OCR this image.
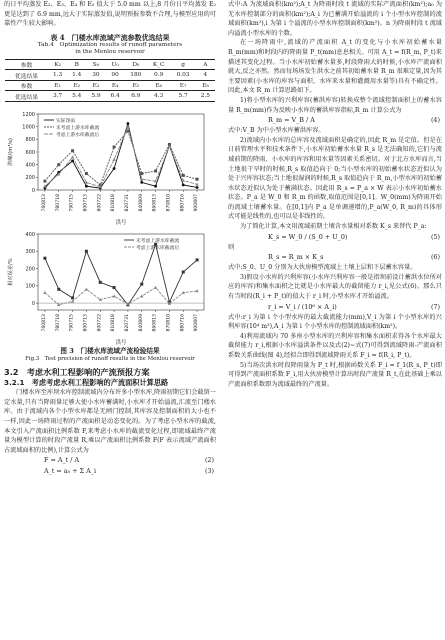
的日平均蒸发 E₂、E₃、E₄ 和 E₅ 值大于 5.0 mm 以上,8 月份日平均蒸发 E₂ 更是达到了 6.9 mm,远大于实际蒸发值,说明预报参数不合理,与模型应用的可靠性产生较大影响。

表 4　门楼水库流域产流参数优选结果

Tab.4　Optimization results of runoff parameters

in the Menlou reservoir

参数	K₂	B	S₀	U₀	D₀	K_C	g	A
优选结果	1.3	1.4	30	90	180	0.9	0.03	4
参数	E₁	E₂	E₃	E₄	E₅	E₆	E₇	E₈
优选结果	3.7	5.4	5.9	6.4	6.9	4.3	5.7	2.5
0
200
400
600
800
1000
1200
760813 780718 790715 800713 800722 810818 820731 840809 860813 870810 880716 900807
洪峰/(m³/s)
洪号
实际净雨
未考虑上游水库截流
考虑上游水库截流后
0
100
200
300
400
760813 780718 790715 800713 800722 810818 820731 840809 860813 870810 880716 900807
相对误差/%
洪号
未考虑上游水库截流
考虑上游水库截流后

图 3　门楼水库流域产流检验结果

Fig.3　Test precision of runoff results in the Menlou reservoir

3.2　考虑水利工程影响的产流预报方案

3.2.1　考虑考虑水利工程影响的产流面积计算思路

门楼水库至库坝水库控制流域内分布许多小型水库,降雨初期它们会截留一定水量,只有当降雨量足够大使小水库蓄满时,小水库才开始溢流,汇流至门楼水库。由于流域内各个小型水库都是无闸门控制,其库容及控制面积的大小也不一样,因此一场降雨过程的产流面积是动态变化的。为了考虑小型水库的截流,本文引入产流面积比例系数 F,来考虑小水库的截流变化过程,即流域最终产流量为模型计算的时段产流量 R,乘以产流面积比例系数 F(F 表示流域产流面积占流域面积的比例),计算公式为

F = A_t / A	(2)
A_t = a₀ + Σ A_i	(3)

式中:A 为流域面积(km²);A_t 为降雨时段 t 流域的实际产流面积(km²);a₀ 为无水库控制部分的面积(km²);A_i 为已蓄满开始溢流的 i 个小型水库控制的流域面积(km²),i 为第 i 个溢流的小型水库控制面积(km²)。n 为降雨时段 t 流域内溢流小型水库的个数。

在一场降雨中,流域的产流面积 A_t 的变化与小水库初始蓄水量 R_m(mm)和时段内的降雨量 P_t(mm)息息相关。可用 A_t = f(R_m, P_t)来描述其变化过程。当小水库初始蓄水量多,时段降雨大的时候,小水库产流面积就大,反之亦然。然而每场场发生洪水之前其初始蓄水量 R_m 很难定量,因为其主要因素(小水库的库容与面积、水库来水量和灌溉用水量等)具有不确定性。因此,本文 R_m 计算思路如下。

1)将小型水库的兴利库容(蓄洪库容)转换成整个流域控制面积上的蓄水容量 R_m(mm)作为反映小水库的蓄洪库容指标,R_m 计算公式为

R_m = V_B / A	(4)

式中:V_B 为中小型水库蓄洪库容。

2)流域内小水库的总库容及流域面积是确定的,因此 R_m 是定值。但是在日前管理水平和技术条件下,小水库初始蓄水水量 R_s 是无法确知的,它们与流域前期的降雨、小水库的库容和用水量等因素关系密切。对于北方水库而言,当土地很干旱时的时候,R_s 取值趋向于 0;当小型水库的初始蓄水状态近似认为处于兴库容状态;当土地很湿润的时候,R_s 取值趋向于 R_m,小型水库的初始蓄水状态近似认为处于蓄满状态。因此用 R_s = P_a × W 表示小水库初始蓄水状态。P_a 是 W_0 和 R_m 的函数,取值范围是[0,1]。W_0(mm)为降雨开始的流域土壤蓄水量。在[0,1]内 P_a 是单调递增的,P_a(W_0, R_m)的具体形式可能是线性的,也可以是非线性的。

为了简化计算,本文用流域前期土壤含水量相对系数 K_s 来替代 P_a:

K_s = W_0 / (S_0 + U_0)	(5)

则

R_s = R_m × K_s	(6)

式中:S_0、U_0 分别为大伙房模型流域上土壤上层和下层蓄水容量。

3)假设小水库的兴利库容(小水库兴利库容一般是指坝前设计蓄洪水位所对应的库容)和集水面积之比就是小水库最大的截留能力 r_i,见公式(6)。那么只有当时段(R_i + P_t)的值大于 r_i 时,小型水库才开始溢流。

r_i = V_i / (10⁶ × A_i)	(7)

式中:r_i 为第 i 个小型水库的最大截流能力(mm),V_i 为第 i 个小型水库的兴利库容(10⁴ m³),A_i 为第 i 个小型水库的控制流域面积(km²)。

4)利用流域内 70 多座小型水库的兴利库容和集水面积求得各个水库最大截留能力 r_i,根据小水库溢洪条件以及式(2)~式(7)可得到流域降雨-产流面积系数关系曲线(图 4),经拟合即得到流域降雨关系 F_i = f(R_i, P_t)。

5)当场次洪水时段降雨量为 P_t 时,根据函数关系 F_i = f_1(R_s, P_t)即可得到产流面积系数 F_i,用大伙房模型计算出时段产流量 R_t,在此基础上乘以产流面积系数即为流域最终的产流量。
